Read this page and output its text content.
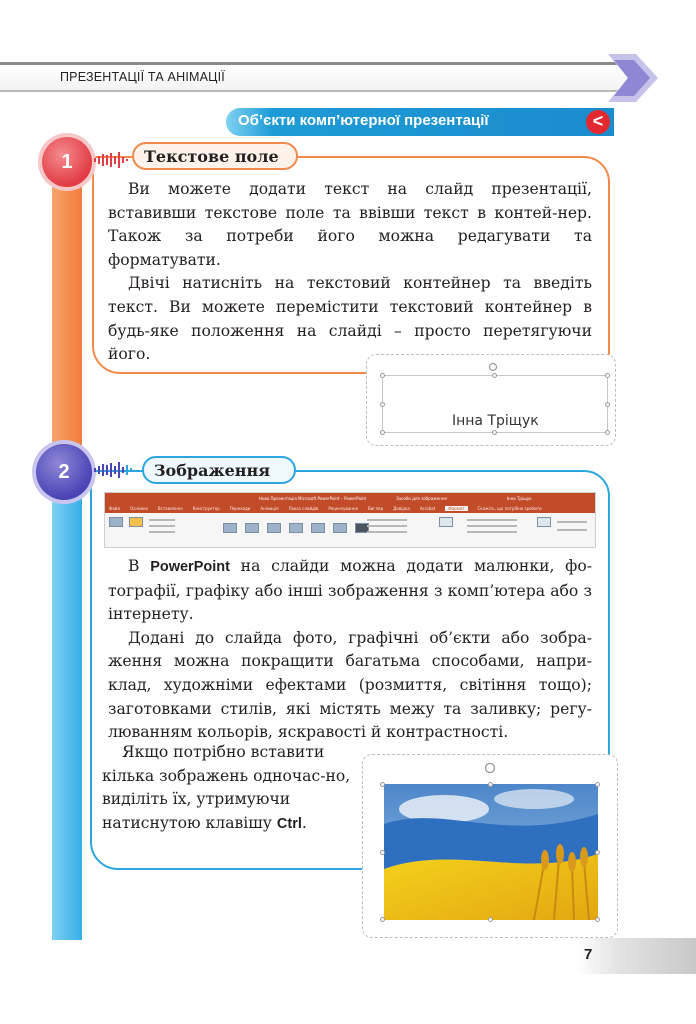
ПРЕЗЕНТАЦІЇ ТА АНІМАЦІЇ
Об’єкти комп’ютерної презентації	<
1	Текстове поле
Ви можете додати текст на слайд презентації, вставивши текстове поле та ввівши текст в контей-нер. Також за потреби його можна редагувати та форматувати.
Двічі натисніть на текстовий контейнер та введіть текст. Ви можете перемістити текстовий контейнер в будь-яке положення на слайді – просто перетягуючи його.
Інна Тріщук
2	Зображення
Нова Презентація Microsoft PowerPoint – PowerPoint	Засоби для зображення	Інна Тріщук
Файл	Основне	Вставлення	Конструктор	Переходи	Анімація	Показ слайдів	Рецензування	Вигляд	Довідка	Acrobat	Формат	Скажіть, що потрібно зробити
В PowerPoint на слайди можна додати малюнки, фо-тографії, графіку або інші зображення з комп’ютера або з інтернету.
Додані до слайда фото, графічні об’єкти або зобра-ження можна покращити багатьма способами, напри-клад, художніми ефектами (розмиття, світіння тощо); заготовками стилів, які містять межу та заливку; регу-люванням кольорів, яскравості й контрастності.
Якщо потрібно вставити кілька зображень одночас-но, виділіть їх, утримуючи натиснутою клавішу Ctrl.
7
